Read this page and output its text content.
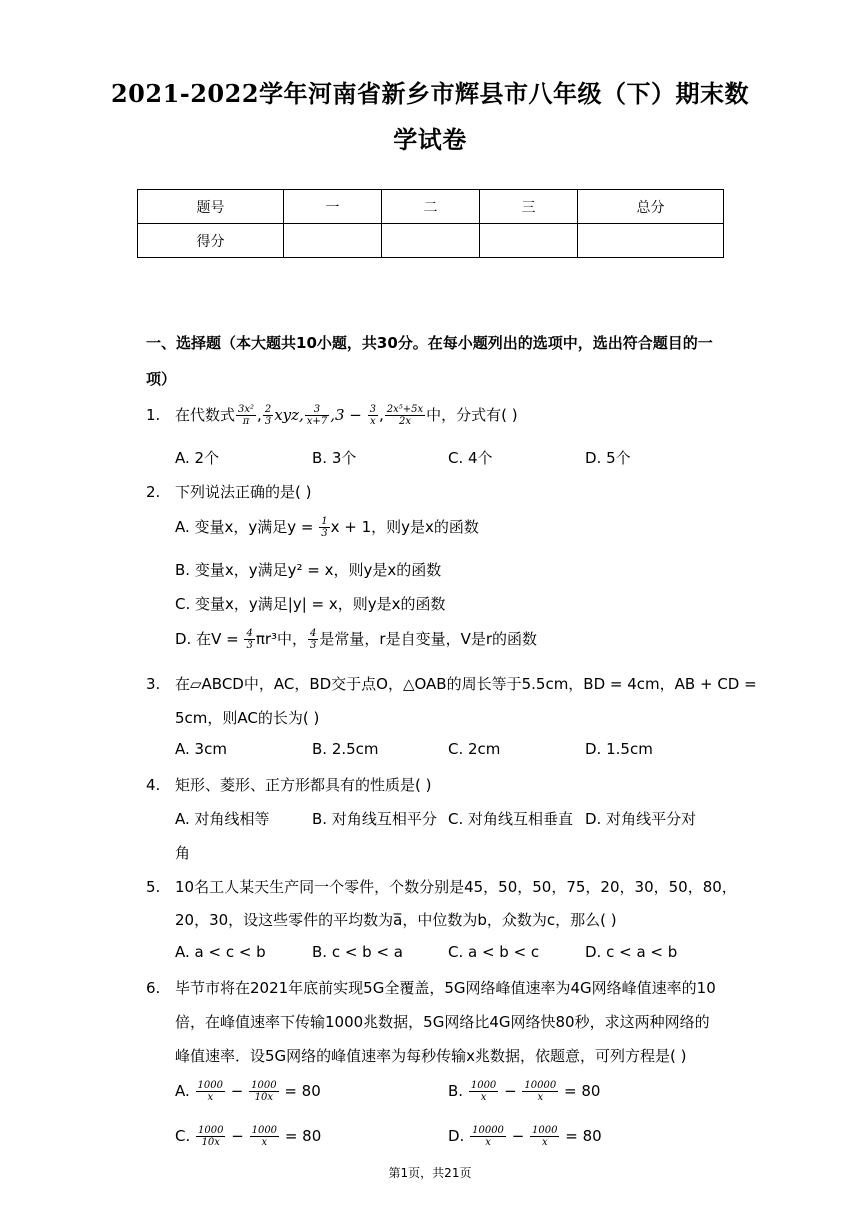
2021-2022学年河南省新乡市辉县市八年级（下）期末数
学试卷
题号	一	二	三	总分
得分				
一、选择题（本大题共10小题，共30分。在每小题列出的选项中，选出符合题目的一
项）
1. 在代数式 $\frac{\text{3x²}}{\pi}$ , $\frac{2}{3}$ xyz, $\frac{3}{x+7} ,3 - \frac{3}{x}$ , $\frac{\text{2x⁵+5x}}{2x}$ 中，分式有( )
A. 2个	B. 3个	C. 4个	D. 5个
2. 下列说法正确的是( )
A. 变量x，y满足$y = \frac{1}{3}$ x + 1，则y是x的函数
B. 变量x，y满足y² = x，则y是x的函数
C. 变量x，y满足|y| = x，则y是x的函数
D. 在$V = \frac{4}{3} \pi r^3$中， $\frac{4}{3}$ 是常量，r是自变量，V是r的函数
3. 在▱ABCD中，AC，BD交于点O，△OAB的周长等于5.5cm，BD = 4cm，AB + CD =
5cm，则AC的长为( )
A. 3cm	B. 2.5cm	C. 2cm	D. 1.5cm
4. 矩形、菱形、正方形都具有的性质是( )
A. 对角线相等	B. 对角线互相平分 C. 对角线互相垂直 D. 对角线平分对
角
5. 10名工人某天生产同一个零件，个数分别是45，50，50，75，20，30，50，80，
20，30，设这些零件的平均数为a̅，中位数为b，众数为c，那么( )
A. a < c < b	B. c < b < a	C. a < b < c	D. c < a < b
6. 毕节市将在2021年底前实现5G全覆盖，5G网络峰值速率为4G网络峰值速率的10
倍，在峰值速率下传输1000兆数据，5G网络比4G网络快80秒，求这两种网络的
峰值速率．设5G网络的峰值速率为每秒传输x兆数据，依题意，可列方程是( )
A. $\frac{1000}{x} - \frac{1000}{10x} = 80$	B. $\frac{1000}{x} - \frac{10000}{x} = 80$
C. $\frac{1000}{10x} - \frac{1000}{x} = 80$	D. $\frac{10000}{x} - \frac{1000}{x} = 80$
第1页，共21页
